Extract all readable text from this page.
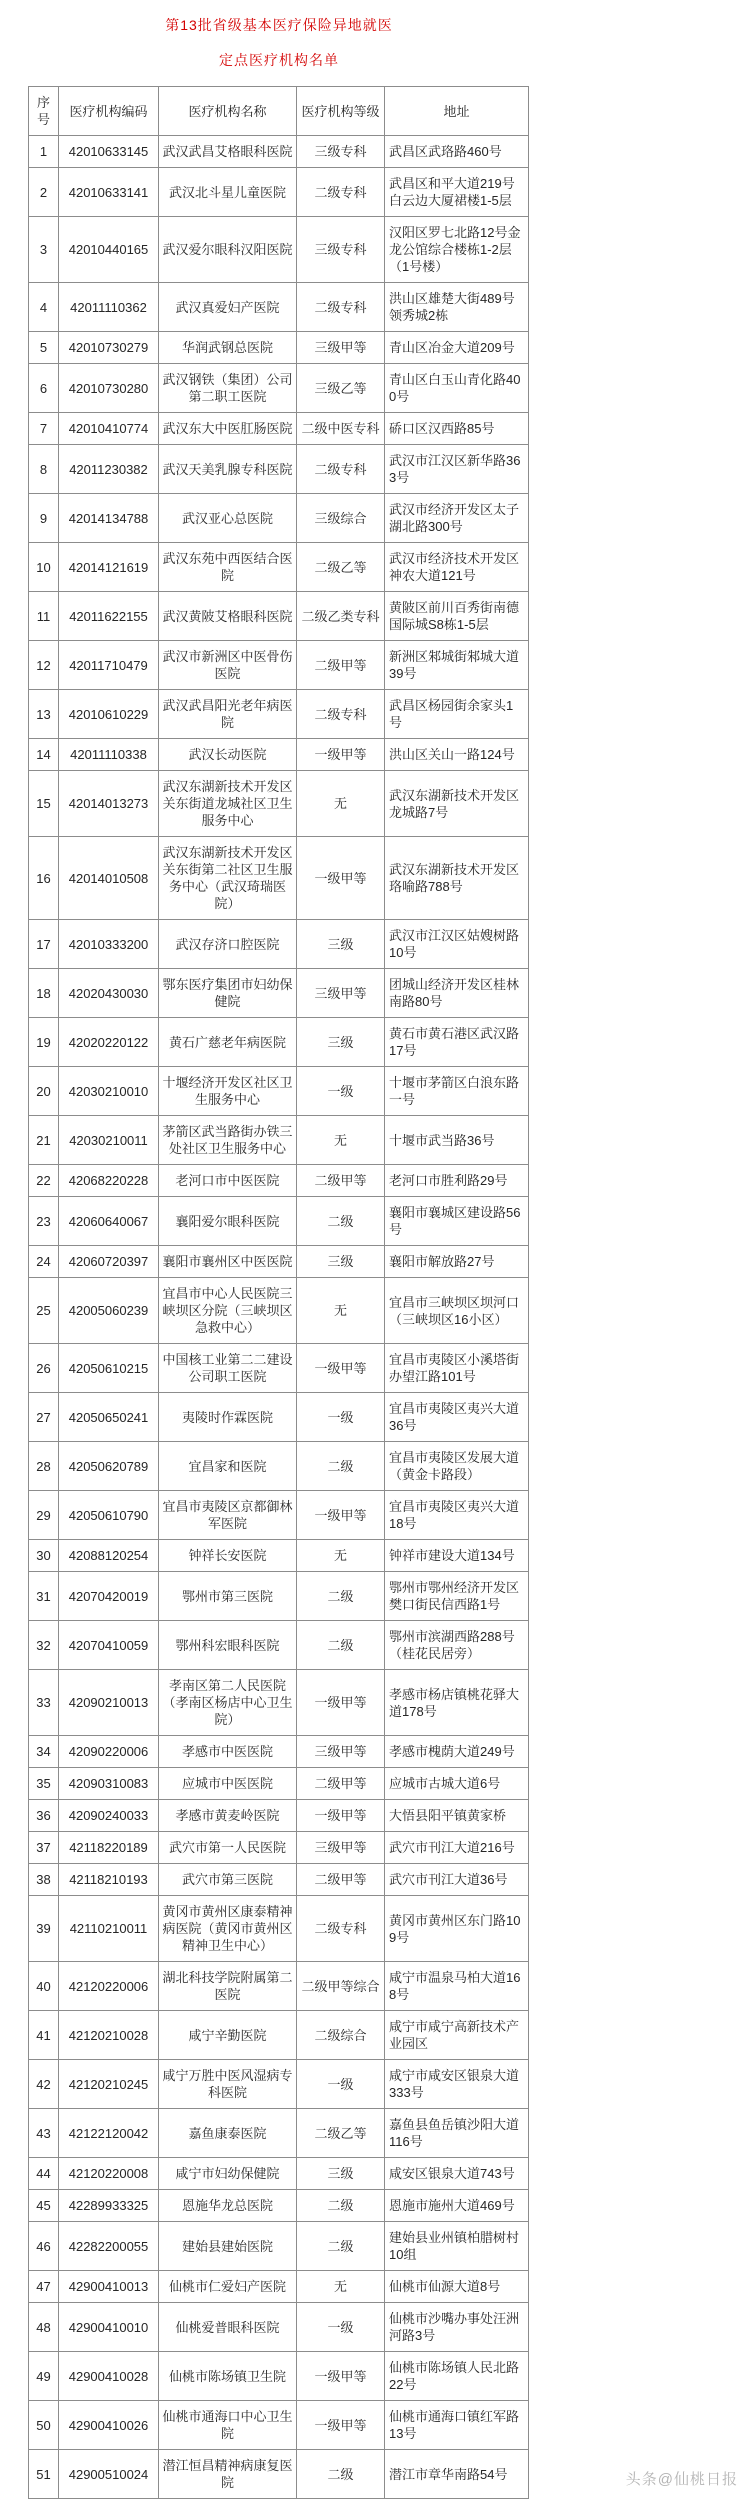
第13批省级基本医疗保险异地就医
定点医疗机构名单
序号	医疗机构编码	医疗机构名称	医疗机构等级	地址
1	42010633145	武汉武昌艾格眼科医院	三级专科	武昌区武珞路460号
2	42010633141	武汉北斗星儿童医院	二级专科	武昌区和平大道219号白云边大厦裙楼1-5层
3	42010440165	武汉爱尔眼科汉阳医院	三级专科	汉阳区罗七北路12号金龙公馆综合楼栋1-2层（1号楼）
4	42011110362	武汉真爱妇产医院	二级专科	洪山区雄楚大街489号领秀城2栋
5	42010730279	华润武钢总医院	三级甲等	青山区冶金大道209号
6	42010730280	武汉钢铁（集团）公司第二职工医院	三级乙等	青山区白玉山青化路400号
7	42010410774	武汉东大中医肛肠医院	二级中医专科	硚口区汉西路85号
8	42011230382	武汉天美乳腺专科医院	二级专科	武汉市江汉区新华路363号
9	42014134788	武汉亚心总医院	三级综合	武汉市经济开发区太子湖北路300号
10	42014121619	武汉东苑中西医结合医院	二级乙等	武汉市经济技术开发区神农大道121号
11	42011622155	武汉黄陂艾格眼科医院	二级乙类专科	黄陂区前川百秀街南德国际城S8栋1-5层
12	42011710479	武汉市新洲区中医骨伤医院	二级甲等	新洲区邾城街邾城大道39号
13	42010610229	武汉武昌阳光老年病医院	二级专科	武昌区杨园街余家头1号
14	42011110338	武汉长动医院	一级甲等	洪山区关山一路124号
15	42014013273	武汉东湖新技术开发区关东街道龙城社区卫生服务中心	无	武汉东湖新技术开发区龙城路7号
16	42014010508	武汉东湖新技术开发区关东街第二社区卫生服务中心（武汉琦瑞医院）	一级甲等	武汉东湖新技术开发区珞喻路788号
17	42010333200	武汉存济口腔医院	三级	武汉市江汉区姑嫂树路10号
18	42020430030	鄂东医疗集团市妇幼保健院	三级甲等	团城山经济开发区桂林南路80号
19	42020220122	黄石广慈老年病医院	三级	黄石市黄石港区武汉路17号
20	42030210010	十堰经济开发区社区卫生服务中心	一级	十堰市茅箭区白浪东路一号
21	42030210011	茅箭区武当路街办铁三处社区卫生服务中心	无	十堰市武当路36号
22	42068220228	老河口市中医医院	二级甲等	老河口市胜利路29号
23	42060640067	襄阳爱尔眼科医院	二级	襄阳市襄城区建设路56号
24	42060720397	襄阳市襄州区中医医院	三级	襄阳市解放路27号
25	42005060239	宜昌市中心人民医院三峡坝区分院（三峡坝区急救中心）	无	宜昌市三峡坝区坝河口（三峡坝区16小区）
26	42050610215	中国核工业第二二建设公司职工医院	一级甲等	宜昌市夷陵区小溪塔街办望江路101号
27	42050650241	夷陵时作霖医院	一级	宜昌市夷陵区夷兴大道36号
28	42050620789	宜昌家和医院	二级	宜昌市夷陵区发展大道（黄金卡路段）
29	42050610790	宜昌市夷陵区京都御林军医院	一级甲等	宜昌市夷陵区夷兴大道18号
30	42088120254	钟祥长安医院	无	钟祥市建设大道134号
31	42070420019	鄂州市第三医院	二级	鄂州市鄂州经济开发区樊口街民信西路1号
32	42070410059	鄂州科宏眼科医院	二级	鄂州市滨湖西路288号（桂花民居旁）
33	42090210013	孝南区第二人民医院（孝南区杨店中心卫生院）	一级甲等	孝感市杨店镇桃花驿大道178号
34	42090220006	孝感市中医医院	三级甲等	孝感市槐荫大道249号
35	42090310083	应城市中医医院	二级甲等	应城市古城大道6号
36	42090240033	孝感市黄麦岭医院	一级甲等	大悟县阳平镇黄家桥
37	42118220189	武穴市第一人民医院	三级甲等	武穴市刊江大道216号
38	42118210193	武穴市第三医院	二级甲等	武穴市刊江大道36号
39	42110210011	黄冈市黄州区康泰精神病医院（黄冈市黄州区精神卫生中心）	二级专科	黄冈市黄州区东门路109号
40	42120220006	湖北科技学院附属第二医院	二级甲等综合	咸宁市温泉马柏大道168号
41	42120210028	咸宁辛勤医院	二级综合	咸宁市咸宁高新技术产业园区
42	42120210245	咸宁万胜中医风湿病专科医院	一级	咸宁市咸安区银泉大道333号
43	42122120042	嘉鱼康泰医院	二级乙等	嘉鱼县鱼岳镇沙阳大道116号
44	42120220008	咸宁市妇幼保健院	三级	咸安区银泉大道743号
45	42289933325	恩施华龙总医院	二级	恩施市施州大道469号
46	42282200055	建始县建始医院	二级	建始县业州镇柏腊树村10组
47	42900410013	仙桃市仁爱妇产医院	无	仙桃市仙源大道8号
48	42900410010	仙桃爱普眼科医院	一级	仙桃市沙嘴办事处汪洲河路3号
49	42900410028	仙桃市陈场镇卫生院	一级甲等	仙桃市陈场镇人民北路22号
50	42900410026	仙桃市通海口中心卫生院	一级甲等	仙桃市通海口镇红军路13号
51	42900510024	潜江恒昌精神病康复医院	二级	潜江市章华南路54号	头条@仙桃日报
